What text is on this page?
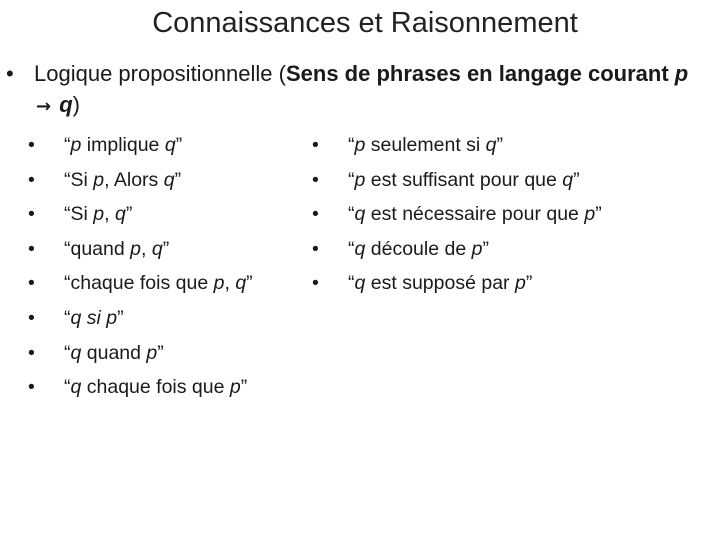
Connaissances et Raisonnement
• Logique propositionnelle (Sens de phrases en langage courant p → q)
• “p implique q”
• “Si p, Alors q”
• “Si p, q”
• “quand p, q”
• “chaque fois que p, q”
• “q si p”
• “q quand p”
• “q chaque fois que p”
• “p seulement si q”
• “p est suffisant pour que q”
• “q est nécessaire pour que p”
• “q découle de p”
• “q est supposé par p”
